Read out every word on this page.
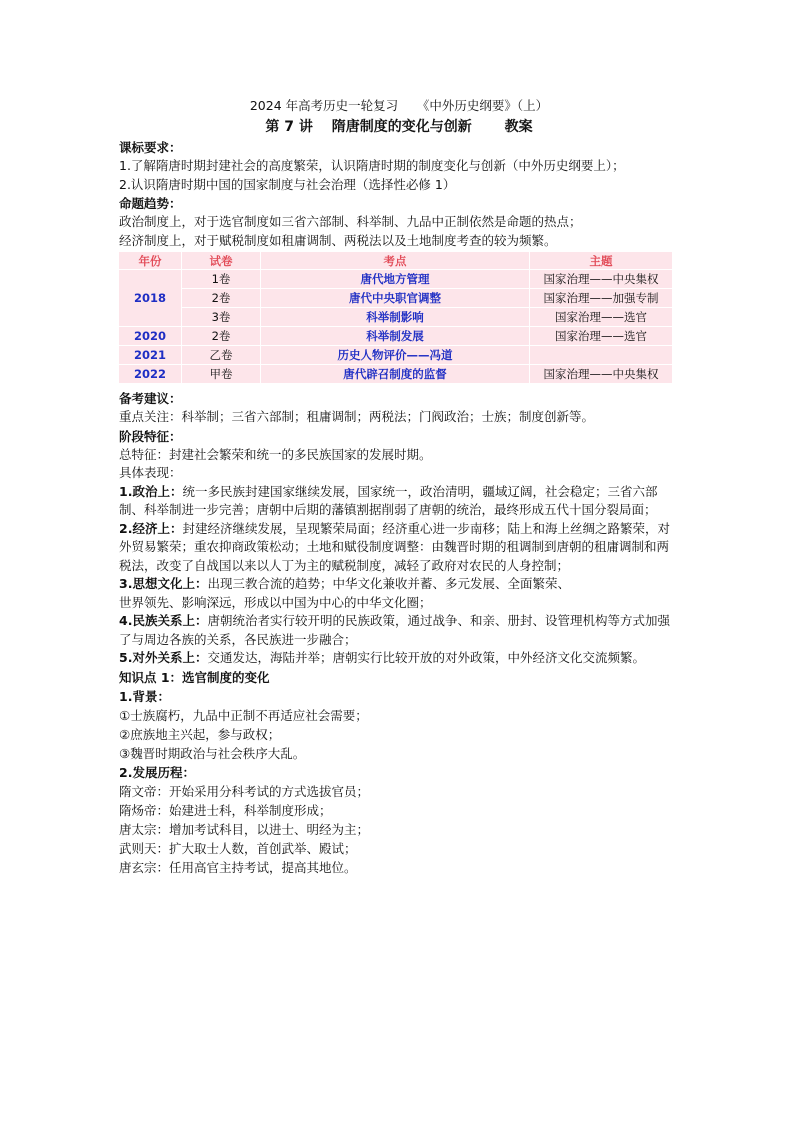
2024 年高考历史一轮复习　　《中外历史纲要》（上）
第 7 讲　 隋唐制度的变化与创新　　 教案
课标要求：
1.了解隋唐时期封建社会的高度繁荣，认识隋唐时期的制度变化与创新（中外历史纲要上）；
2.认识隋唐时期中国的国家制度与社会治理（选择性必修 1）
命题趋势：
政治制度上，对于选官制度如三省六部制、科举制、九品中正制依然是命题的热点；
经济制度上，对于赋税制度如租庸调制、两税法以及土地制度考查的较为频繁。
年份	试卷	考点	主题
2018	1卷	唐代地方管理	国家治理——中央集权
	2卷	唐代中央职官调整	国家治理——加强专制
	3卷	科举制影响	国家治理——选官
2020	2卷	科举制发展	国家治理——选官
2021	乙卷	历史人物评价——冯道	
2022	甲卷	唐代辟召制度的监督	国家治理——中央集权
备考建议：
重点关注：科举制；三省六部制；租庸调制；两税法；门阀政治；士族；制度创新等。
阶段特征：
总特征：封建社会繁荣和统一的多民族国家的发展时期。
具体表现：
1.政治上：统一多民族封建国家继续发展，国家统一，政治清明，疆域辽阔，社会稳定；三省六部制、科举制进一步完善；唐朝中后期的藩镇割据削弱了唐朝的统治，最终形成五代十国分裂局面；
2.经济上：封建经济继续发展，呈现繁荣局面；经济重心进一步南移；陆上和海上丝绸之路繁荣，对外贸易繁荣；重农抑商政策松动；土地和赋役制度调整：由魏晋时期的租调制到唐朝的租庸调制和两税法，改变了自战国以来以人丁为主的赋税制度，减轻了政府对农民的人身控制；
3.思想文化上：出现三教合流的趋势；中华文化兼收并蓄、多元发展、全面繁荣、
世界领先、影响深远，形成以中国为中心的中华文化圈；
4.民族关系上：唐朝统治者实行较开明的民族政策，通过战争、和亲、册封、设管理机构等方式加强了与周边各族的关系，各民族进一步融合；
5.对外关系上：交通发达，海陆并举；唐朝实行比较开放的对外政策，中外经济文化交流频繁。
知识点 1：选官制度的变化
1.背景：
①士族腐朽，九品中正制不再适应社会需要；
②庶族地主兴起，参与政权；
③魏晋时期政治与社会秩序大乱。
2.发展历程：
隋文帝：开始采用分科考试的方式选拔官员；
隋炀帝：始建进士科，科举制度形成；
唐太宗：增加考试科目，以进士、明经为主；
武则天：扩大取士人数，首创武举、殿试；
唐玄宗：任用高官主持考试，提高其地位。
